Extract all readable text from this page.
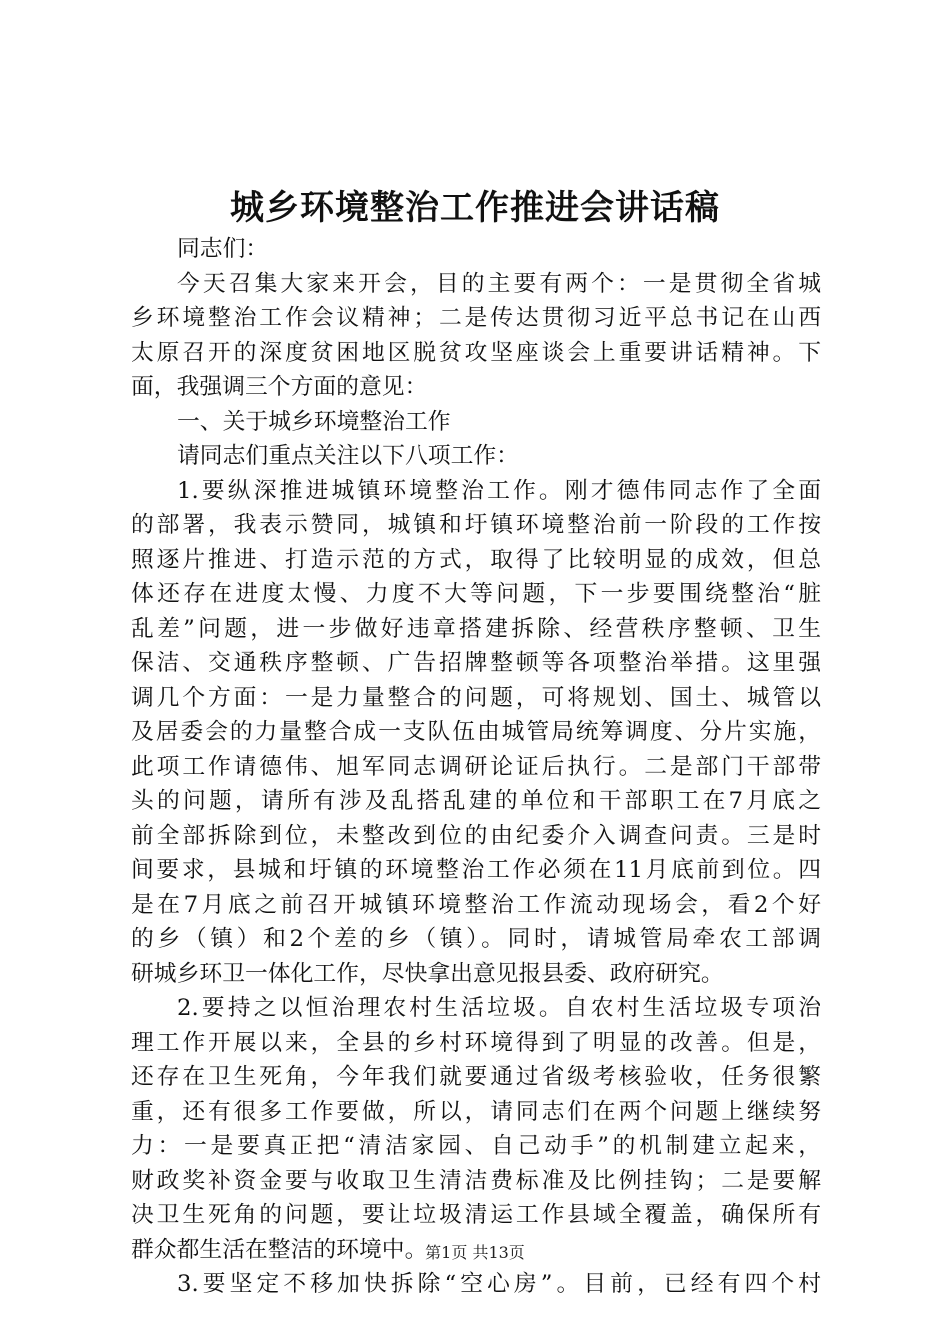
城乡环境整治工作推进会讲话稿
同志们：
今天召集大家来开会，目的主要有两个：一是贯彻全省城
乡环境整治工作会议精神；二是传达贯彻习近平总书记在山西
太原召开的深度贫困地区脱贫攻坚座谈会上重要讲话精神。下
面，我强调三个方面的意见：
一、关于城乡环境整治工作
请同志们重点关注以下八项工作：
1.要纵深推进城镇环境整治工作。刚才德伟同志作了全面
的部署，我表示赞同，城镇和圩镇环境整治前一阶段的工作按
照逐片推进、打造示范的方式，取得了比较明显的成效，但总
体还存在进度太慢、力度不大等问题，下一步要围绕整治“脏
乱差”问题，进一步做好违章搭建拆除、经营秩序整顿、卫生
保洁、交通秩序整顿、广告招牌整顿等各项整治举措。这里强
调几个方面：一是力量整合的问题，可将规划、国土、城管以
及居委会的力量整合成一支队伍由城管局统筹调度、分片实施，
此项工作请德伟、旭军同志调研论证后执行。二是部门干部带
头的问题，请所有涉及乱搭乱建的单位和干部职工在7月底之
前全部拆除到位，未整改到位的由纪委介入调查问责。三是时
间要求，县城和圩镇的环境整治工作必须在11月底前到位。四
是在7月底之前召开城镇环境整治工作流动现场会，看2个好
的乡（镇）和2个差的乡（镇）。同时，请城管局牵农工部调
研城乡环卫一体化工作，尽快拿出意见报县委、政府研究。
2.要持之以恒治理农村生活垃圾。自农村生活垃圾专项治
理工作开展以来，全县的乡村环境得到了明显的改善。但是，
还存在卫生死角，今年我们就要通过省级考核验收，任务很繁
重，还有很多工作要做，所以，请同志们在两个问题上继续努
力：一是要真正把“清洁家园、自己动手”的机制建立起来，
财政奖补资金要与收取卫生清洁费标准及比例挂钩；二是要解
决卫生死角的问题，要让垃圾清运工作县域全覆盖，确保所有
群众都生活在整洁的环境中。
3.要坚定不移加快拆除“空心房”。目前，已经有四个村
第1页 共13页
